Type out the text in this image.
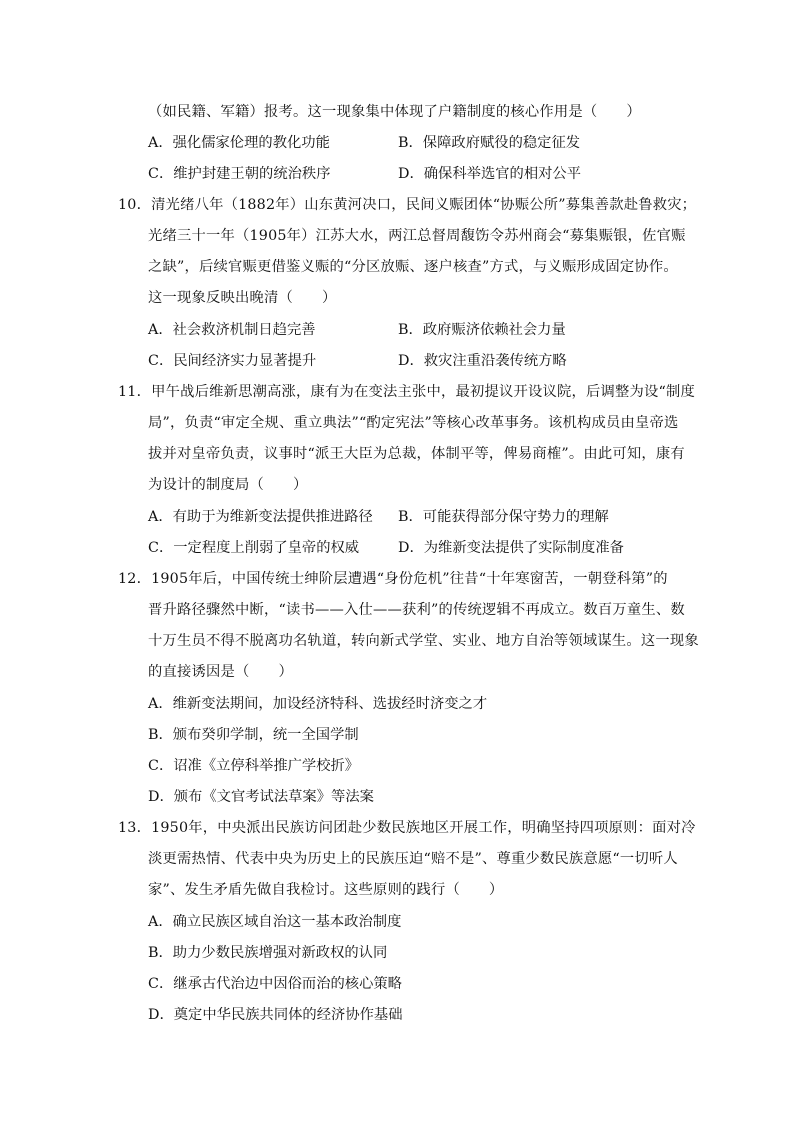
（如民籍、军籍）报考。这一现象集中体现了户籍制度的核心作用是（　　）
A．强化儒家伦理的教化功能	B．保障政府赋役的稳定征发
C．维护封建王朝的统治秩序	D．确保科举选官的相对公平
10．清光绪八年（1882年）山东黄河决口，民间义赈团体“协赈公所”募集善款赴鲁救灾；
光绪三十一年（1905年）江苏大水，两江总督周馥饬令苏州商会“募集赈银，佐官赈
之缺”，后续官赈更借鉴义赈的“分区放赈、逐户核查”方式，与义赈形成固定协作。
这一现象反映出晚清（　　）
A．社会救济机制日趋完善	B．政府赈济依赖社会力量
C．民间经济实力显著提升	D．救灾注重沿袭传统方略
11．甲午战后维新思潮高涨，康有为在变法主张中，最初提议开设议院，后调整为设“制度
局”，负责“审定全规、重立典法”“酌定宪法”等核心改革事务。该机构成员由皇帝选
拔并对皇帝负责，议事时“派王大臣为总裁，体制平等，俾易商榷”。由此可知，康有
为设计的制度局（　　）
A．有助于为维新变法提供推进路径 B．可能获得部分保守势力的理解
C．一定程度上削弱了皇帝的权威	D．为维新变法提供了实际制度准备
12．1905年后，中国传统士绅阶层遭遇“身份危机”往昔“十年寒窗苦，一朝登科第”的
晋升路径骤然中断，“读书——入仕——获利”的传统逻辑不再成立。数百万童生、数
十万生员不得不脱离功名轨道，转向新式学堂、实业、地方自治等领域谋生。这一现象
的直接诱因是（　　）
A．维新变法期间，加设经济特科、选拔经时济变之才
B．颁布癸卯学制，统一全国学制
C．诏准《立停科举推广学校折》
D．颁布《文官考试法草案》等法案
13．1950年，中央派出民族访问团赴少数民族地区开展工作，明确坚持四项原则：面对冷
淡更需热情、代表中央为历史上的民族压迫“赔不是”、尊重少数民族意愿“一切听人
家”、发生矛盾先做自我检讨。这些原则的践行（　　）
A．确立民族区域自治这一基本政治制度
B．助力少数民族增强对新政权的认同
C．继承古代治边中因俗而治的核心策略
D．奠定中华民族共同体的经济协作基础
